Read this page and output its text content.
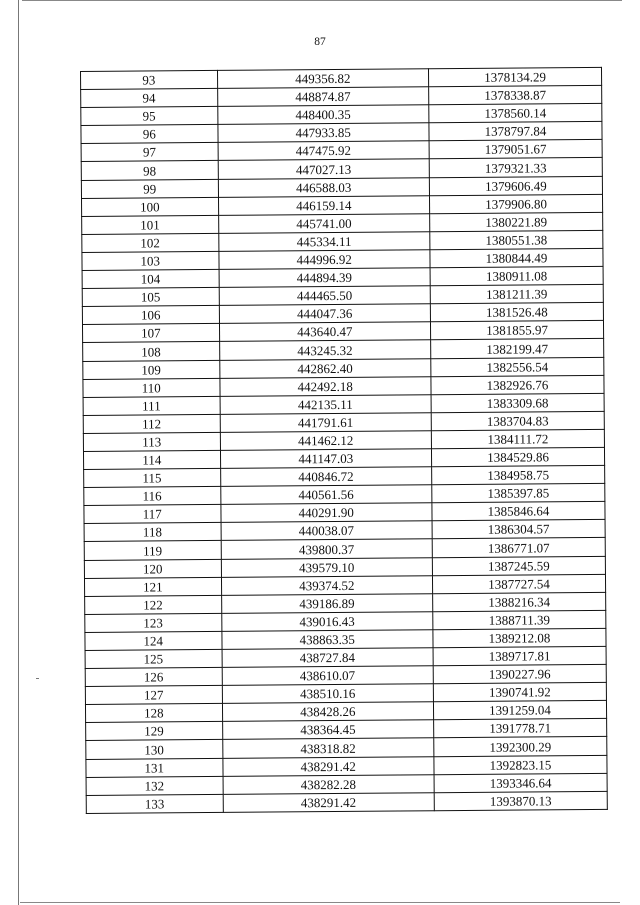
87
93	449356.82	1378134.29
94	448874.87	1378338.87
95	448400.35	1378560.14
96	447933.85	1378797.84
97	447475.92	1379051.67
98	447027.13	1379321.33
99	446588.03	1379606.49
100	446159.14	1379906.80
101	445741.00	1380221.89
102	445334.11	1380551.38
103	444996.92	1380844.49
104	444894.39	1380911.08
105	444465.50	1381211.39
106	444047.36	1381526.48
107	443640.47	1381855.97
108	443245.32	1382199.47
109	442862.40	1382556.54
110	442492.18	1382926.76
111	442135.11	1383309.68
112	441791.61	1383704.83
113	441462.12	1384111.72
114	441147.03	1384529.86
115	440846.72	1384958.75
116	440561.56	1385397.85
117	440291.90	1385846.64
118	440038.07	1386304.57
119	439800.37	1386771.07
120	439579.10	1387245.59
121	439374.52	1387727.54
122	439186.89	1388216.34
123	439016.43	1388711.39
124	438863.35	1389212.08
125	438727.84	1389717.81
126	438610.07	1390227.96
127	438510.16	1390741.92
128	438428.26	1391259.04
129	438364.45	1391778.71
130	438318.82	1392300.29
131	438291.42	1392823.15
132	438282.28	1393346.64
133	438291.42	1393870.13
